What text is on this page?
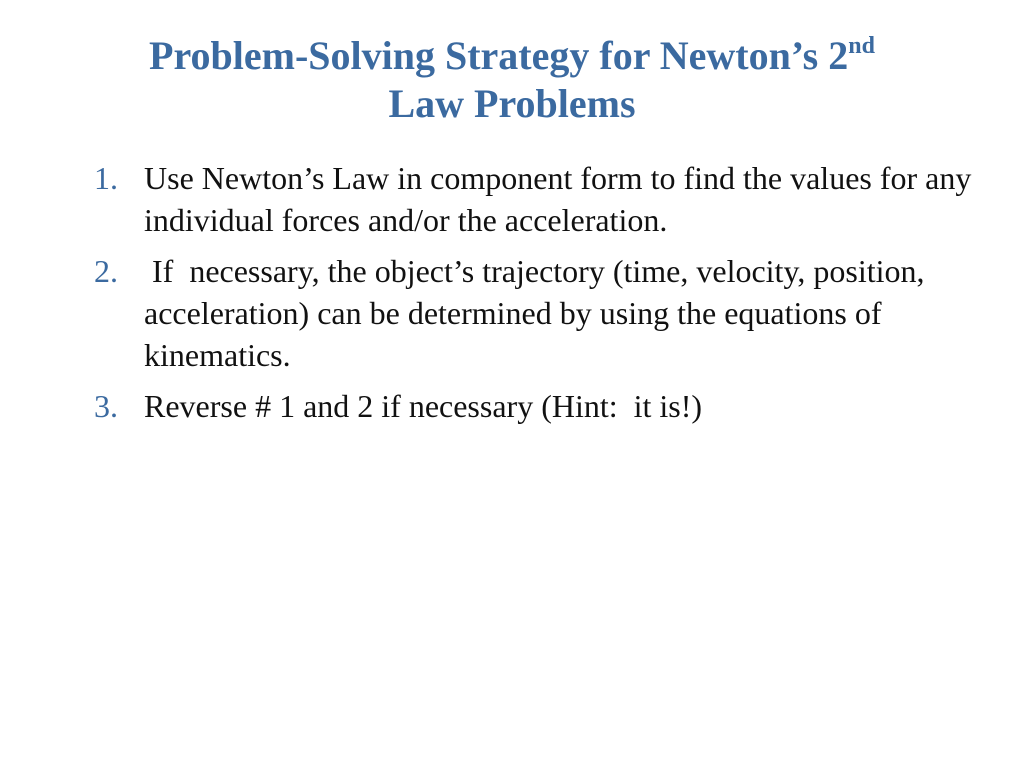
Problem-Solving Strategy for Newton’s 2nd
Law Problems
1. Use Newton’s Law in component form to find the values for any individual forces and/or the acceleration.
2. If  necessary, the object’s trajectory (time, velocity, position, acceleration) can be determined by using the equations of kinematics.
3. Reverse # 1 and 2 if necessary (Hint:  it is!)
